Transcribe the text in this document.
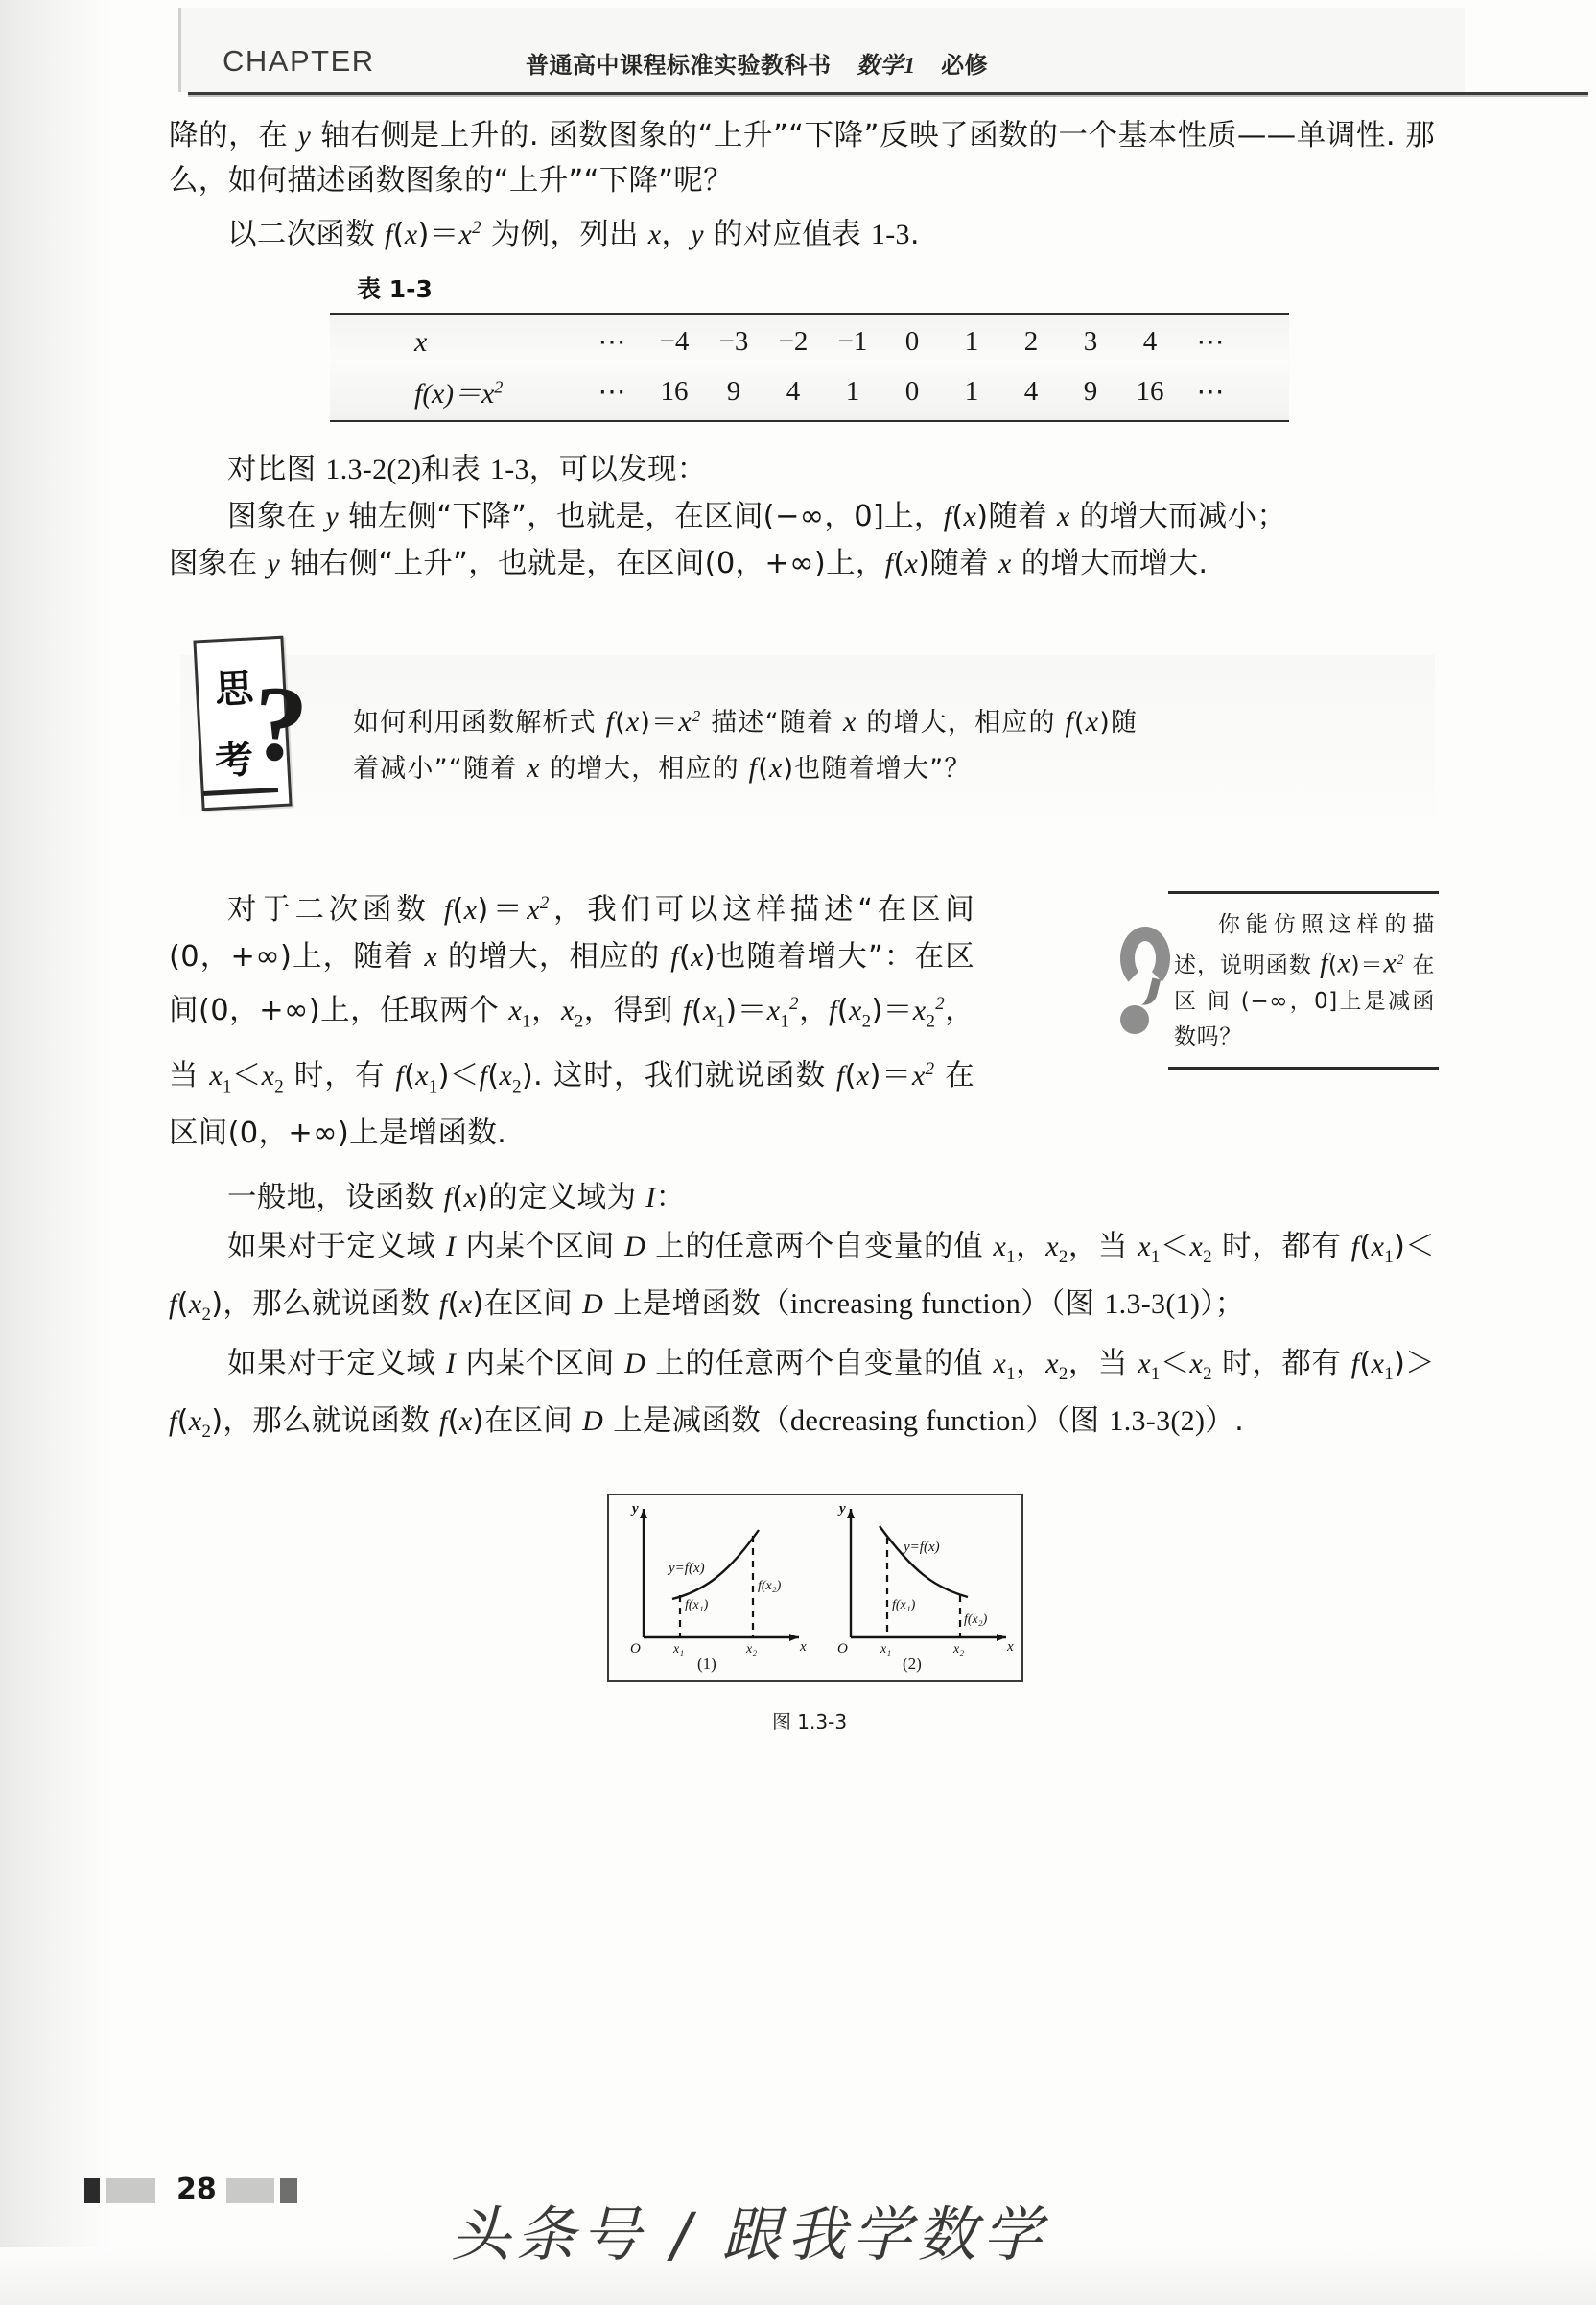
CHAPTER	普通高中课程标准实验教科书 数学1 必修

降的，在 y 轴右侧是上升的. 函数图象的“上升”“下降”反映了函数的一个基本性质——单调性. 那么，如何描述函数图象的“上升”“下降”呢？

以二次函数 $f(x)=x^2$ 为例，列出 x，y 的对应值表 1-3.

表 1-3
x	⋯	−4	−3	−2	−1	0	1	2	3	4	⋯
$f(x)=x^2$	⋯	16	9	4	1	0	1	4	9	16	⋯

对比图 1.3-2(2)和表 1-3，可以发现：

图象在 y 轴左侧“下降”，也就是，在区间(−∞，0]上，f(x)随着 x 的增大而减小；

图象在 y 轴右侧“上升”，也就是，在区间(0，+∞)上，f(x)随着 x 的增大而增大.

思
考
? 如何利用函数解析式 $f(x)=x^2$ 描述“随着 x 的增大，相应的 f(x)随
着减小”“随着 x 的增大，相应的 f(x)也随着增大”？

对于二次函数 $f(x)=x^2$，我们可以这样描述“在区间(0，+∞)上，随着 x 的增大，相应的 f(x)也随着增大”：在区间(0，+∞)上，任取两个 $x_1$，$x_2$，得到 $f(x_1)=x_1^2$，$f(x_2)=x_2^2$，当 $x_1<x_2$ 时，有 $f(x_1)<f(x_2)$. 这时，我们就说函数 $f(x)=x^2$ 在区间(0，+∞)上是增函数.

你能仿照这样的描述，说明函数 $f(x)=x^2$ 在 区 间 (−∞，0]上是减函数吗？

一般地，设函数 f(x)的定义域为 I：

如果对于定义域 I 内某个区间 D 上的任意两个自变量的值 $x_1$，$x_2$，当 $x_1<x_2$ 时，都有 $f(x_1)<f(x_2)$，那么就说函数 f(x)在区间 D 上是增函数（increasing function）（图 1.3-3(1)）；

如果对于定义域 I 内某个区间 D 上的任意两个自变量的值 $x_1$，$x_2$，当 $x_1<x_2$ 时，都有 $f(x_1)>f(x_2)$，那么就说函数 f(x)在区间 D 上是减函数（decreasing function）（图 1.3-3(2)）.

y
x
O
y=f(x)
f(x₁)
f(x₂)
x₁	x₂
y
x
O
y=f(x)
f(x₁)
f(x₂)
x₁	x₂
(1)	(2)
图 1.3-3
28
头条号 / 跟我学数学
